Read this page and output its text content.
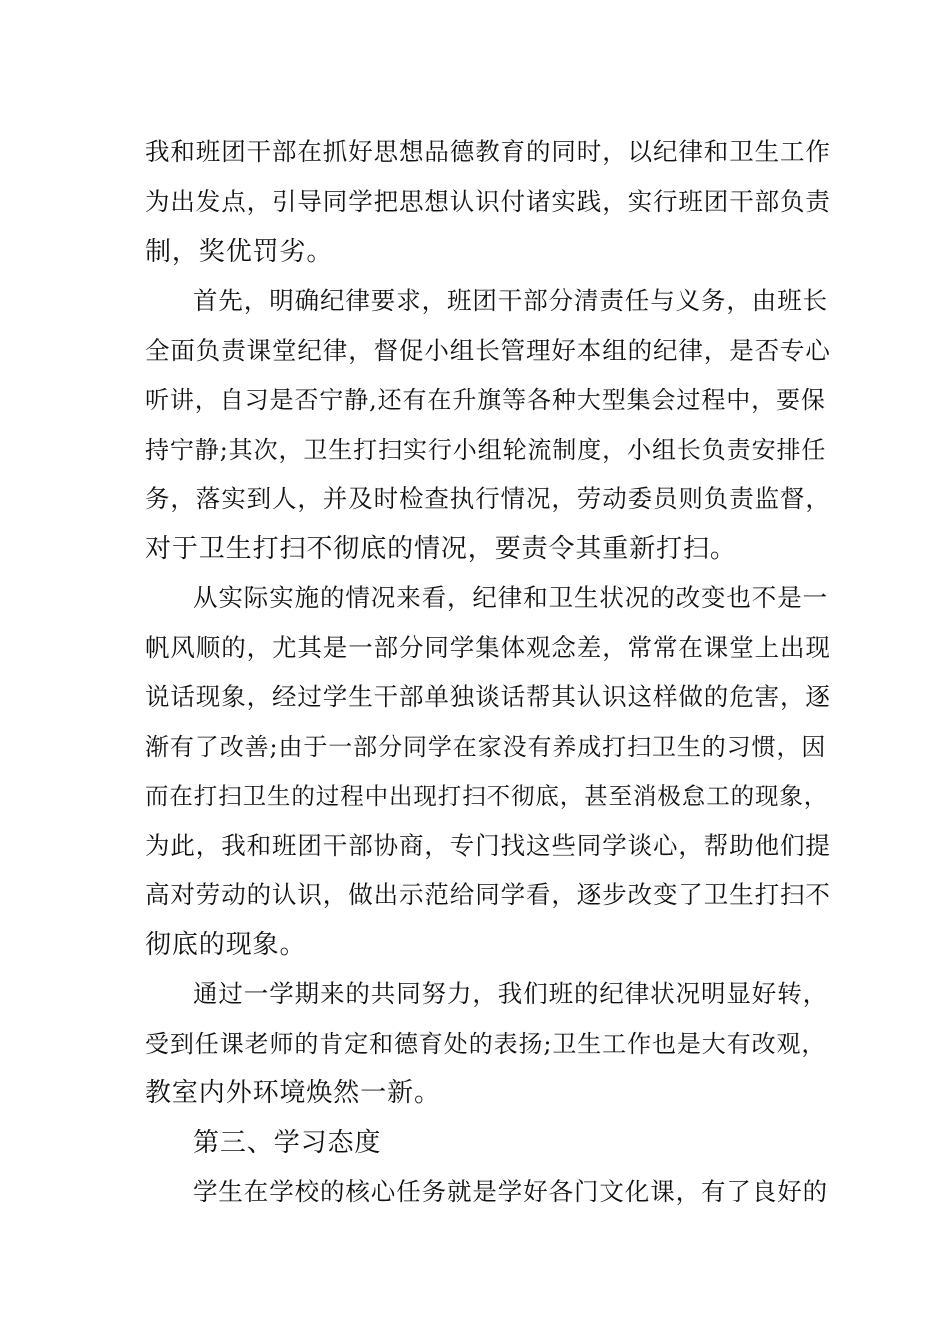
我和班团干部在抓好思想品德教育的同时，以纪律和卫生工作
为出发点，引导同学把思想认识付诸实践，实行班团干部负责
制，奖优罚劣。
首先，明确纪律要求，班团干部分清责任与义务，由班长
全面负责课堂纪律，督促小组长管理好本组的纪律，是否专心
听讲，自习是否宁静,还有在升旗等各种大型集会过程中，要保
持宁静;其次，卫生打扫实行小组轮流制度，小组长负责安排任
务，落实到人，并及时检查执行情况，劳动委员则负责监督，
对于卫生打扫不彻底的情况，要责令其重新打扫。
从实际实施的情况来看，纪律和卫生状况的改变也不是一
帆风顺的，尤其是一部分同学集体观念差，常常在课堂上出现
说话现象，经过学生干部单独谈话帮其认识这样做的危害，逐
渐有了改善;由于一部分同学在家没有养成打扫卫生的习惯，因
而在打扫卫生的过程中出现打扫不彻底，甚至消极怠工的现象，
为此，我和班团干部协商，专门找这些同学谈心，帮助他们提
高对劳动的认识，做出示范给同学看，逐步改变了卫生打扫不
彻底的现象。
通过一学期来的共同努力，我们班的纪律状况明显好转，
受到任课老师的肯定和德育处的表扬;卫生工作也是大有改观，
教室内外环境焕然一新。
第三、学习态度
学生在学校的核心任务就是学好各门文化课，有了良好的
